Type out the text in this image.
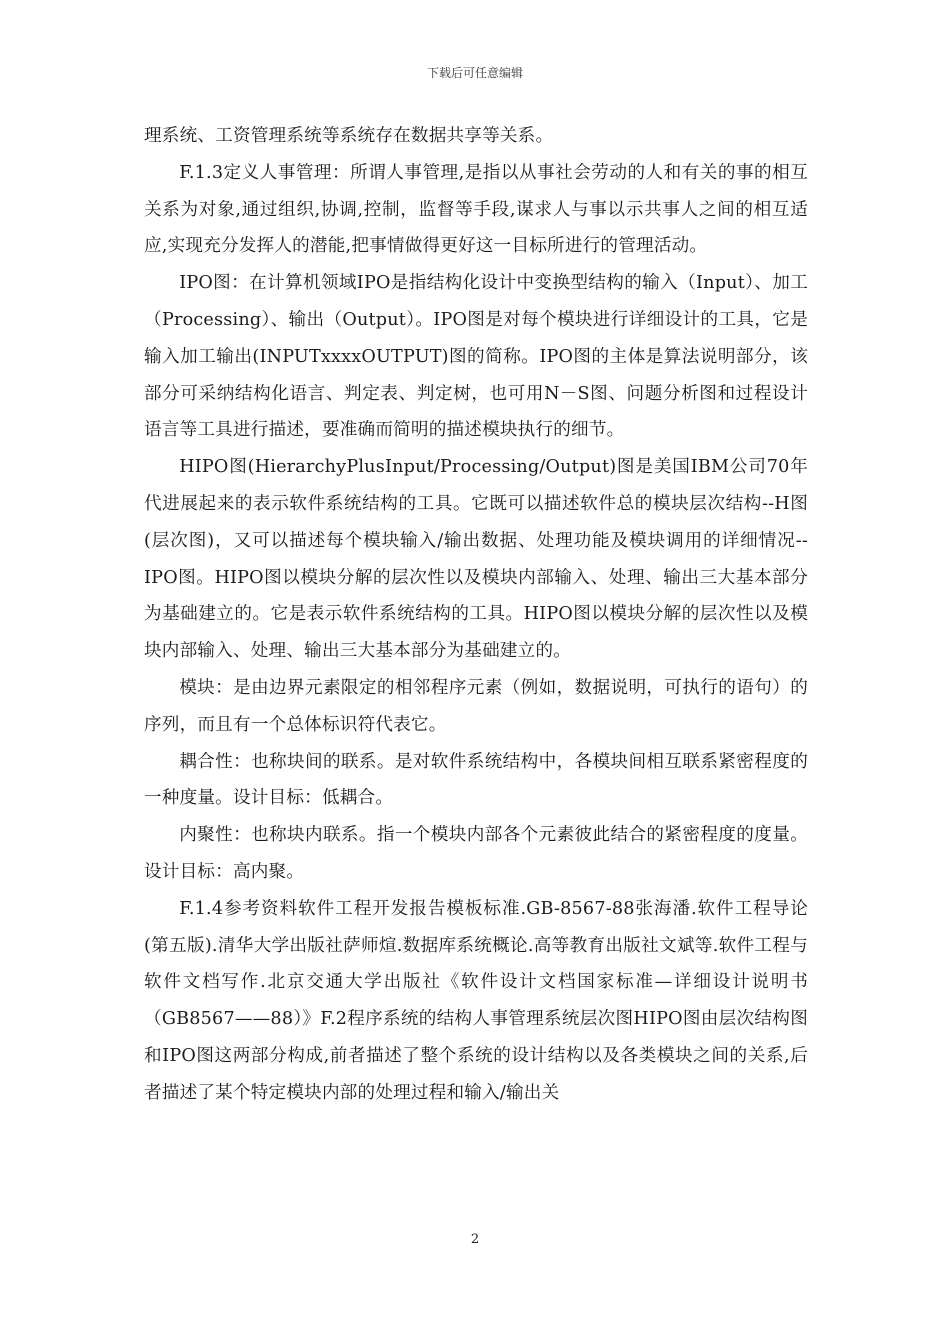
下载后可任意编辑

理系统、工资管理系统等系统存在数据共享等关系。

F.1.3定义人事管理：所谓人事管理,是指以从事社会劳动的人和有关的事的相互关系为对象,通过组织,协调,控制，监督等手段,谋求人与事以示共事人之间的相互适应,实现充分发挥人的潜能,把事情做得更好这一目标所进行的管理活动。

IPO图：在计算机领域IPO是指结构化设计中变换型结构的输入（Input）、加工（Processing）、输出（Output）。IPO图是对每个模块进行详细设计的工具，它是输入加工输出(INPUTxxxxOUTPUT)图的简称。IPO图的主体是算法说明部分，该部分可采纳结构化语言、判定表、判定树，也可用N－S图、问题分析图和过程设计语言等工具进行描述，要准确而简明的描述模块执行的细节。

HIPO图(HierarchyPlusInput/Processing/Output)图是美国IBM公司70年代进展起来的表示软件系统结构的工具。它既可以描述软件总的模块层次结构--H图(层次图)，又可以描述每个模块输入/输出数据、处理功能及模块调用的详细情况--IPO图。HIPO图以模块分解的层次性以及模块内部输入、处理、输出三大基本部分为基础建立的。它是表示软件系统结构的工具。HIPO图以模块分解的层次性以及模块内部输入、处理、输出三大基本部分为基础建立的。

模块：是由边界元素限定的相邻程序元素（例如，数据说明，可执行的语句）的序列，而且有一个总体标识符代表它。

耦合性：也称块间的联系。是对软件系统结构中，各模块间相互联系紧密程度的一种度量。设计目标：低耦合。

内聚性：也称块内联系。指一个模块内部各个元素彼此结合的紧密程度的度量。设计目标：高内聚。

F.1.4参考资料软件工程开发报告模板标准.GB-8567-88张海潘.软件工程导论(第五版).清华大学出版社萨师煊.数据库系统概论.高等教育出版社文斌等.软件工程与软件文档写作.北京交通大学出版社《软件设计文档国家标准—详细设计说明书（GB8567——88）》F.2程序系统的结构人事管理系统层次图HIPO图由层次结构图和IPO图这两部分构成,前者描述了整个系统的设计结构以及各类模块之间的关系,后者描述了某个特定模块内部的处理过程和输入/输出关

2
